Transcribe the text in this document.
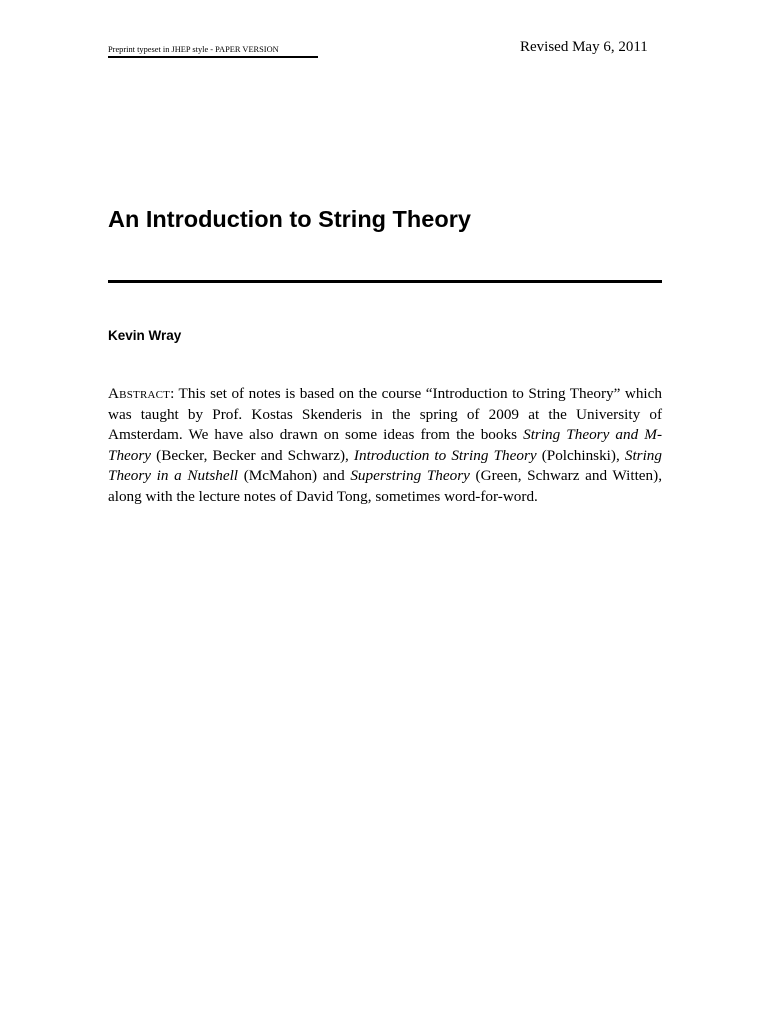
Preprint typeset in JHEP style - PAPER VERSION	Revised May 6, 2011
An Introduction to String Theory
Kevin Wray

Abstract: This set of notes is based on the course “Introduction to String Theory” which was taught by Prof. Kostas Skenderis in the spring of 2009 at the University of Amsterdam. We have also drawn on some ideas from the books String Theory and M-Theory (Becker, Becker and Schwarz), Introduction to String Theory (Polchinski), String Theory in a Nutshell (McMahon) and Superstring Theory (Green, Schwarz and Witten), along with the lecture notes of David Tong, sometimes word-for-word.
